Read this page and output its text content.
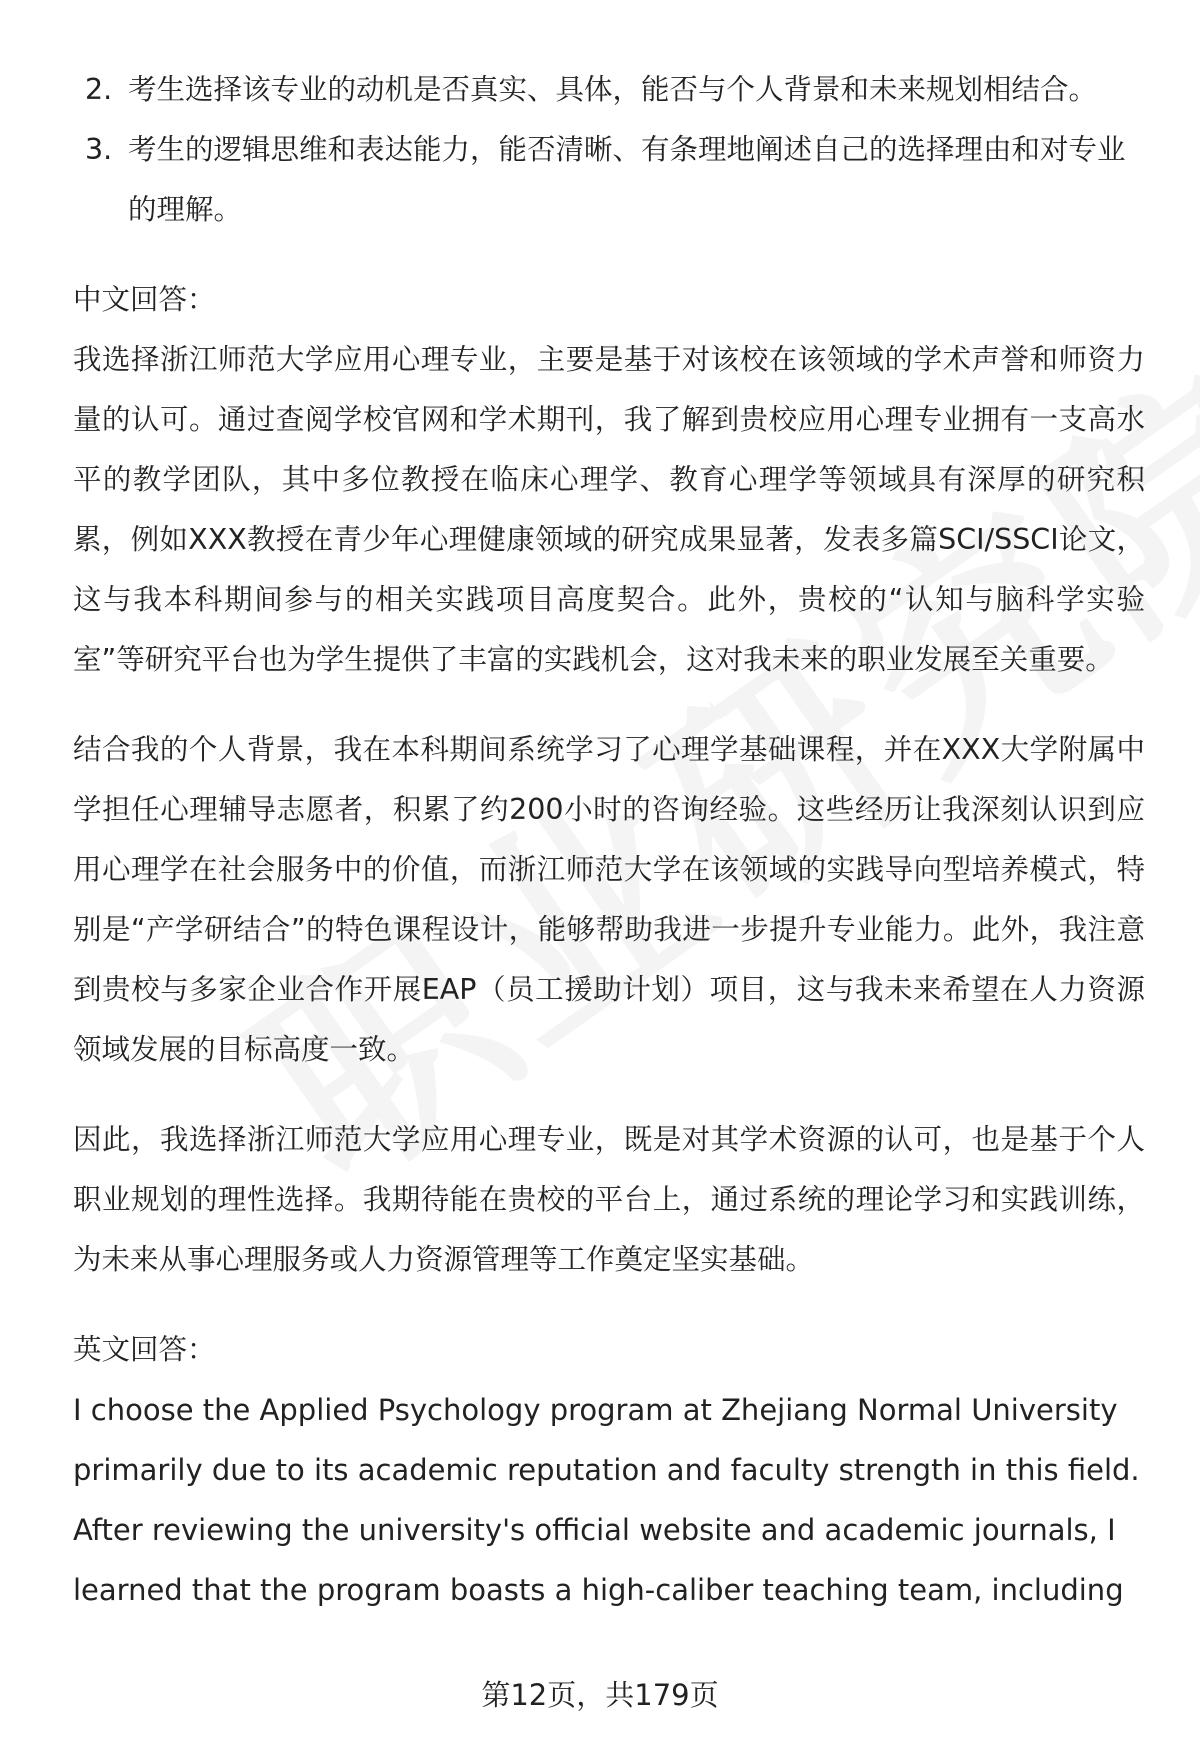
2. 考生选择该专业的动机是否真实、具体，能否与个人背景和未来规划相结合。
3. 考生的逻辑思维和表达能力，能否清晰、有条理地阐述自己的选择理由和对专业的理解。
中文回答：

我选择浙江师范大学应用心理专业，主要是基于对该校在该领域的学术声誉和师资力量的认可。通过查阅学校官网和学术期刊，我了解到贵校应用心理专业拥有一支高水平的教学团队，其中多位教授在临床心理学、教育心理学等领域具有深厚的研究积累，例如XXX教授在青少年心理健康领域的研究成果显著，发表多篇SCI/SSCI论文，这与我本科期间参与的相关实践项目高度契合。此外，贵校的“认知与脑科学实验室”等研究平台也为学生提供了丰富的实践机会，这对我未来的职业发展至关重要。

结合我的个人背景，我在本科期间系统学习了心理学基础课程，并在XXX大学附属中学担任心理辅导志愿者，积累了约200小时的咨询经验。这些经历让我深刻认识到应用心理学在社会服务中的价值，而浙江师范大学在该领域的实践导向型培养模式，特别是“产学研结合”的特色课程设计，能够帮助我进一步提升专业能力。此外，我注意到贵校与多家企业合作开展EAP（员工援助计划）项目，这与我未来希望在人力资源领域发展的目标高度一致。

因此，我选择浙江师范大学应用心理专业，既是对其学术资源的认可，也是基于个人职业规划的理性选择。我期待能在贵校的平台上，通过系统的理论学习和实践训练，为未来从事心理服务或人力资源管理等工作奠定坚实基础。

英文回答：

I choose the Applied Psychology program at Zhejiang Normal University primarily due to its academic reputation and faculty strength in this field. After reviewing the university's official website and academic journals, I learned that the program boasts a high-caliber teaching team, including

第12页，共179页
